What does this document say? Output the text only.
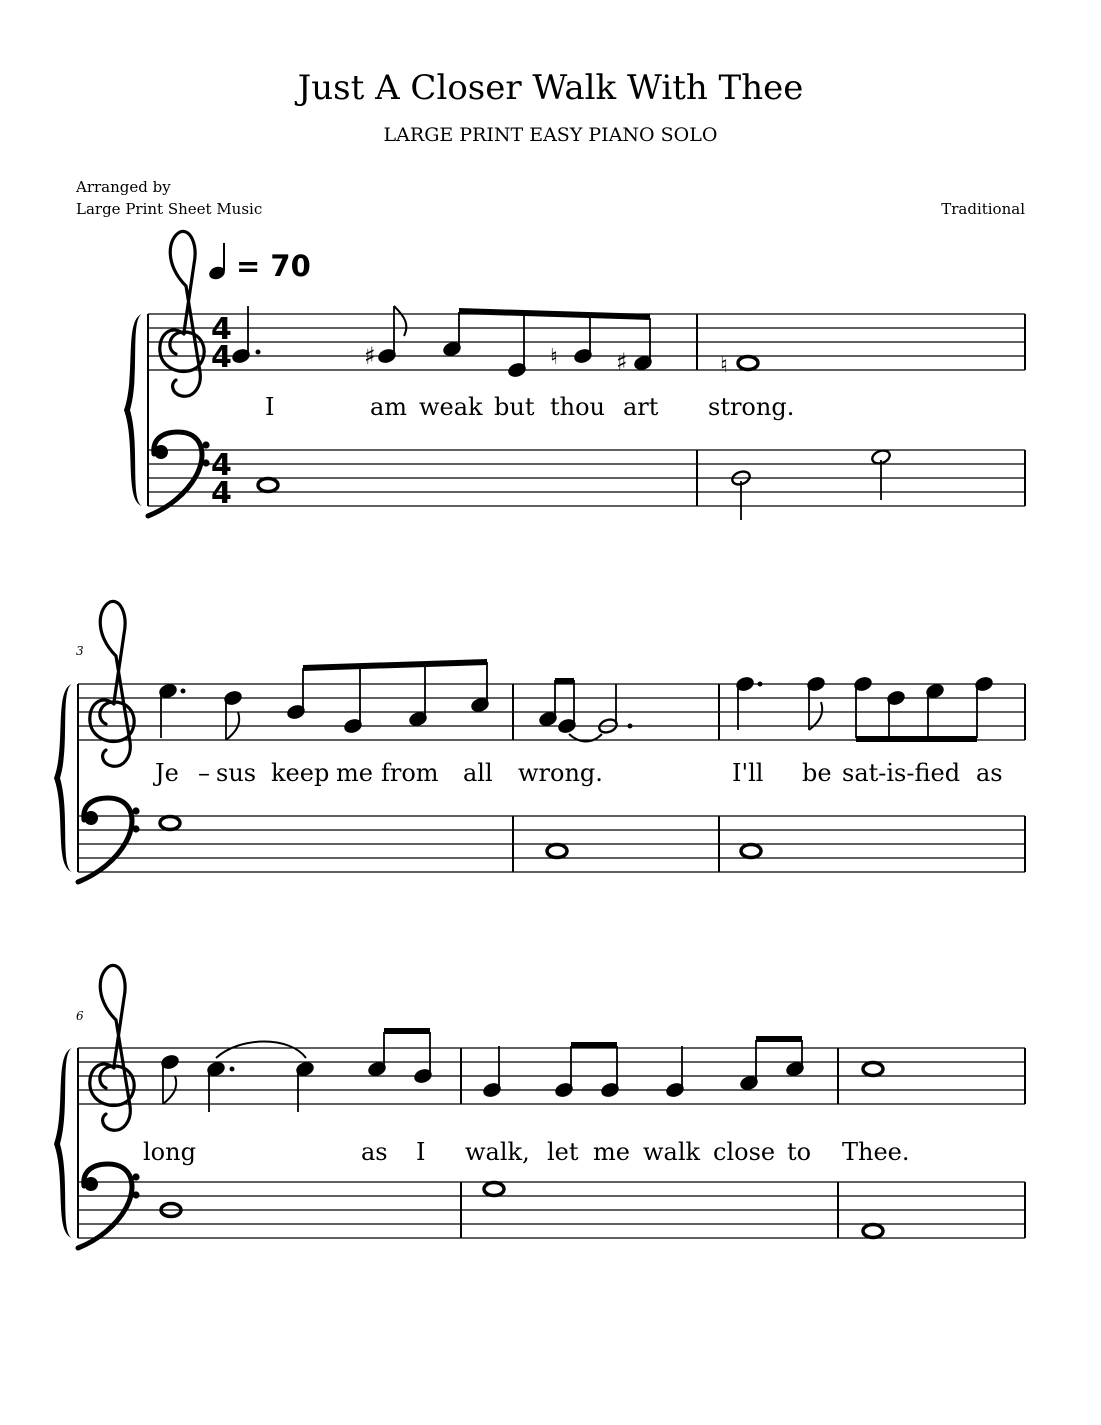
Just A Closer Walk With Thee
LARGE PRINT EASY PIANO SOLO
Arranged by
Large Print Sheet Music	Traditional
4
4
4
4
= 70
♯	♮ ♯	♮
I	am weak but thou art strong.
3
Je – sus keep me from all wrong.	I'll be sat-is-fied as
6
long	as I walk, let me walk close to Thee.
